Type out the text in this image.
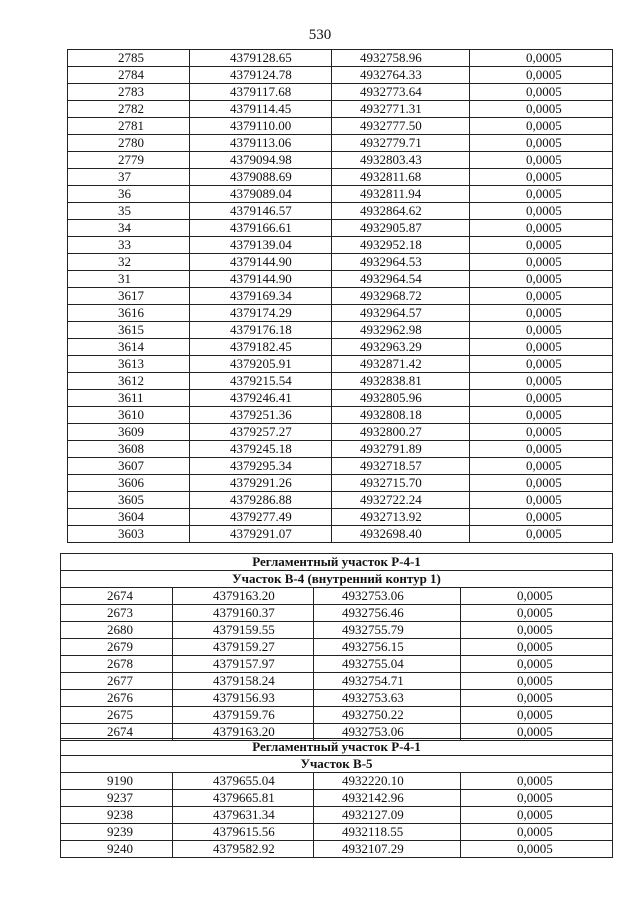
530
2785	4379128.65	4932758.96	0,0005
2784	4379124.78	4932764.33	0,0005
2783	4379117.68	4932773.64	0,0005
2782	4379114.45	4932771.31	0,0005
2781	4379110.00	4932777.50	0,0005
2780	4379113.06	4932779.71	0,0005
2779	4379094.98	4932803.43	0,0005
37	4379088.69	4932811.68	0,0005
36	4379089.04	4932811.94	0,0005
35	4379146.57	4932864.62	0,0005
34	4379166.61	4932905.87	0,0005
33	4379139.04	4932952.18	0,0005
32	4379144.90	4932964.53	0,0005
31	4379144.90	4932964.54	0,0005
3617	4379169.34	4932968.72	0,0005
3616	4379174.29	4932964.57	0,0005
3615	4379176.18	4932962.98	0,0005
3614	4379182.45	4932963.29	0,0005
3613	4379205.91	4932871.42	0,0005
3612	4379215.54	4932838.81	0,0005
3611	4379246.41	4932805.96	0,0005
3610	4379251.36	4932808.18	0,0005
3609	4379257.27	4932800.27	0,0005
3608	4379245.18	4932791.89	0,0005
3607	4379295.34	4932718.57	0,0005
3606	4379291.26	4932715.70	0,0005
3605	4379286.88	4932722.24	0,0005
3604	4379277.49	4932713.92	0,0005
3603	4379291.07	4932698.40	0,0005
Регламентный участок Р-4-1			
Участок В-4 (внутренний контур 1)			
2674	4379163.20	4932753.06	0,0005
2673	4379160.37	4932756.46	0,0005
2680	4379159.55	4932755.79	0,0005
2679	4379159.27	4932756.15	0,0005
2678	4379157.97	4932755.04	0,0005
2677	4379158.24	4932754.71	0,0005
2676	4379156.93	4932753.63	0,0005
2675	4379159.76	4932750.22	0,0005
2674	4379163.20	4932753.06	0,0005
Регламентный участок Р-4-1			
Участок В-5			
9190	4379655.04	4932220.10	0,0005
9237	4379665.81	4932142.96	0,0005
9238	4379631.34	4932127.09	0,0005
9239	4379615.56	4932118.55	0,0005
9240	4379582.92	4932107.29	0,0005
